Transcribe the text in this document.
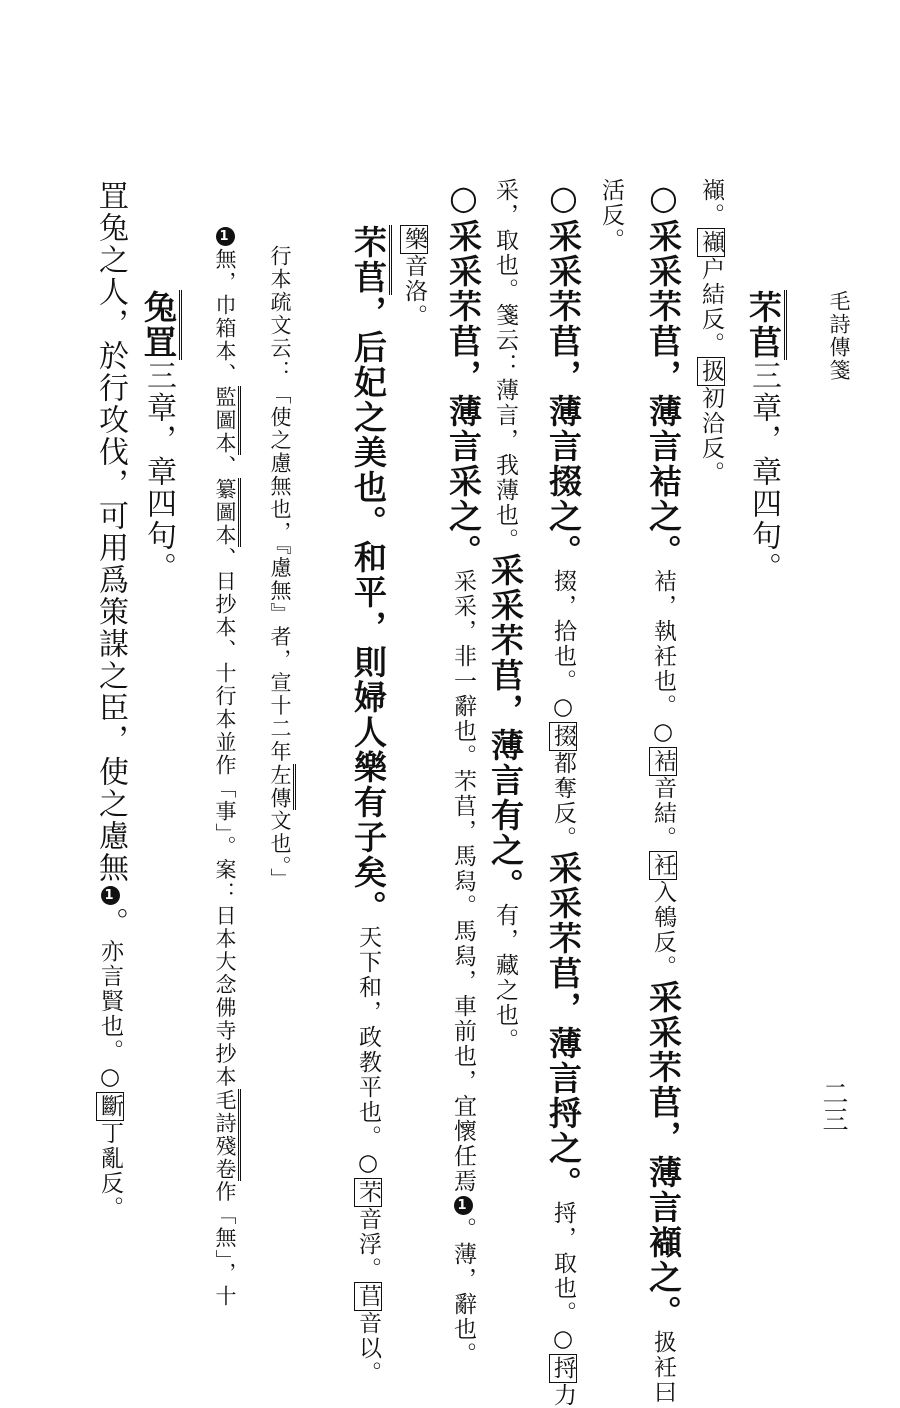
毛詩傳箋
二三
罝兔之人，於行攻伐，可用爲策謀之臣，使之慮無1。亦言賢也。○斷丁亂反。
兔罝三章，章四句。
1無，巾箱本、監圖本、纂圖本、日抄本、十行本並作「事」。案：日本大念佛寺抄本毛詩殘卷作「無」，十
行本疏文云：「使之慮無也，『慮無』者，宣十二年左傳文也。」
芣苢，后妃之美也。和平，則婦人樂有子矣。天下和，政教平也。○芣音浮。苢音以。
樂音洛。 ○采采芣苢，薄言采之。采采，非一辭也。芣苢，馬舄。馬舄，車前也，宜懷任焉1。薄，辭也。
采，取也。箋云：薄言，我薄也。采采芣苢，薄言有之。有，藏之也。
○采采芣苢，薄言掇之。掇，拾也。○掇都奪反。采采芣苢，薄言捋之。捋，取也。○捋力
活反。 ○采采芣苢，薄言袺之。袺，執衽也。○袺音結。衽入鴾反。采采芣苢，薄言襭之。扱衽曰
襭。襭户結反。扱初洽反。
芣苢三章，章四句。
